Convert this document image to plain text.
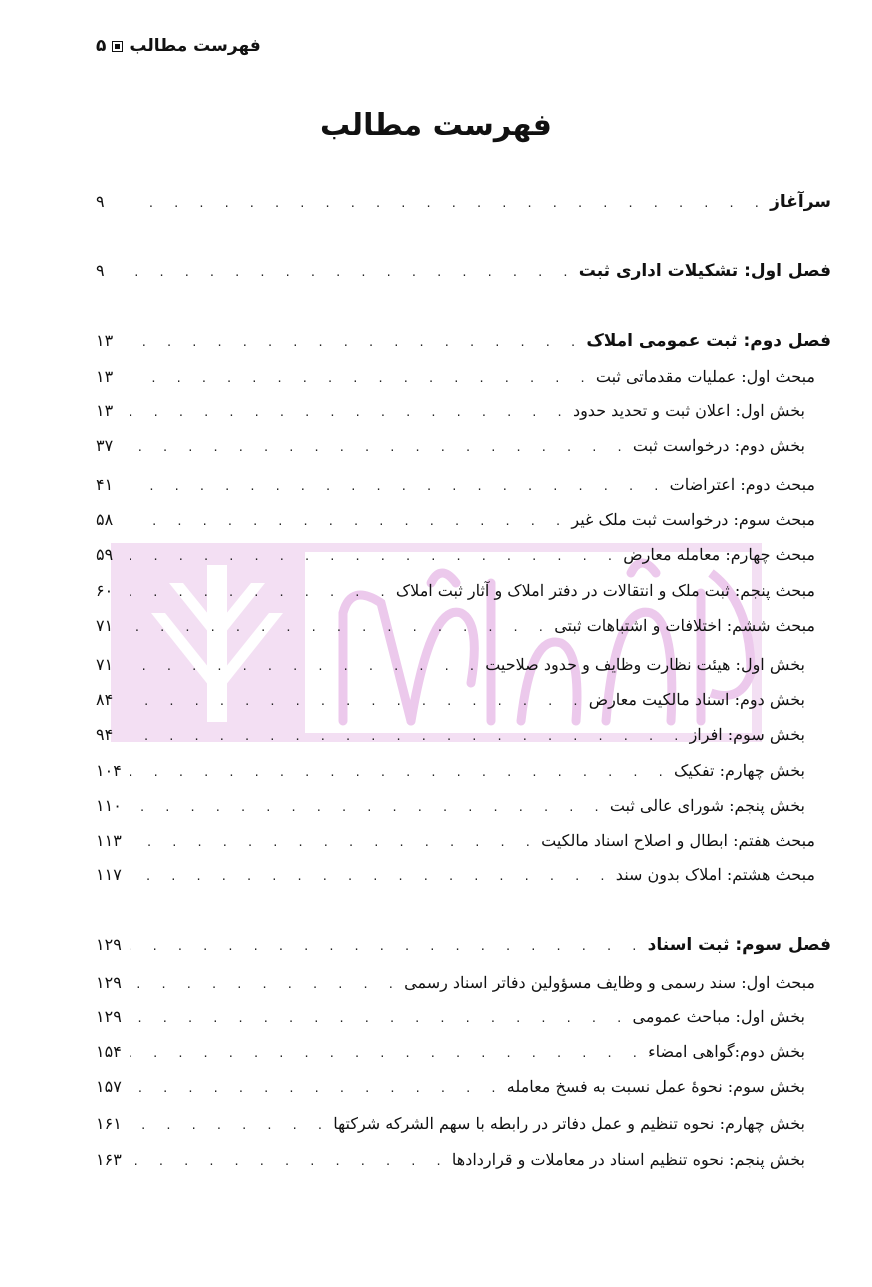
فهرست مطالب
۵
فهرست مطالب
سرآغاز
. . .
۹
فصل اول: تشکیلات اداری ثبت
. . .
۹
فصل دوم: ثبت عمومی املاک
. . .
۱۳
مبحث اول: عملیات مقدماتی ثبت
. . .
۱۳
بخش اول: اعلان ثبت و تحدید حدود
. . .
۱۳
بخش دوم: درخواست ثبت
. . .
۳۷
مبحث دوم: اعتراضات
. . .
۴۱
مبحث سوم: درخواست ثبت ملک غیر
. . .
۵۸
مبحث چهارم: معامله معارض
. . .
۵۹
مبحث پنجم: ثبت ملک و انتقالات در دفتر املاک و آثار ثبت املاک
. . .
۶۰
مبحث ششم: اختلافات و اشتباهات ثبتی
. . .
۷۱
بخش اول: هیئت نظارت وظایف و حدود صلاحیت
. . .
۷۱
بخش دوم: اسناد مالکیت معارض
. . .
۸۴
بخش سوم: افراز
. . .
۹۴
بخش چهارم: تفکیک
. . .
۱۰۴
بخش پنجم: شورای عالی ثبت
. . .
۱۱۰
مبحث هفتم: ابطال و اصلاح اسناد مالکیت
. . .
۱۱۳
مبحث هشتم: املاک بدون سند
. . .
۱۱۷
فصل سوم: ثبت اسناد
. . .
۱۲۹
مبحث اول: سند رسمی و وظایف مسؤولین دفاتر اسناد رسمی
. . .
۱۲۹
بخش اول: مباحث عمومی
. . .
۱۲۹
بخش دوم:گواهی امضاء
. . .
۱۵۴
بخش سوم: نحوهٔ عمل نسبت به فسخ معامله
. . .
۱۵۷
بخش چهارم: نحوه تنظیم و عمل دفاتر در رابطه با سهم الشرکه شرکتها
. . .
۱۶۱
بخش پنجم: نحوه تنظیم اسناد در معاملات و قراردادها
. . .
۱۶۳
